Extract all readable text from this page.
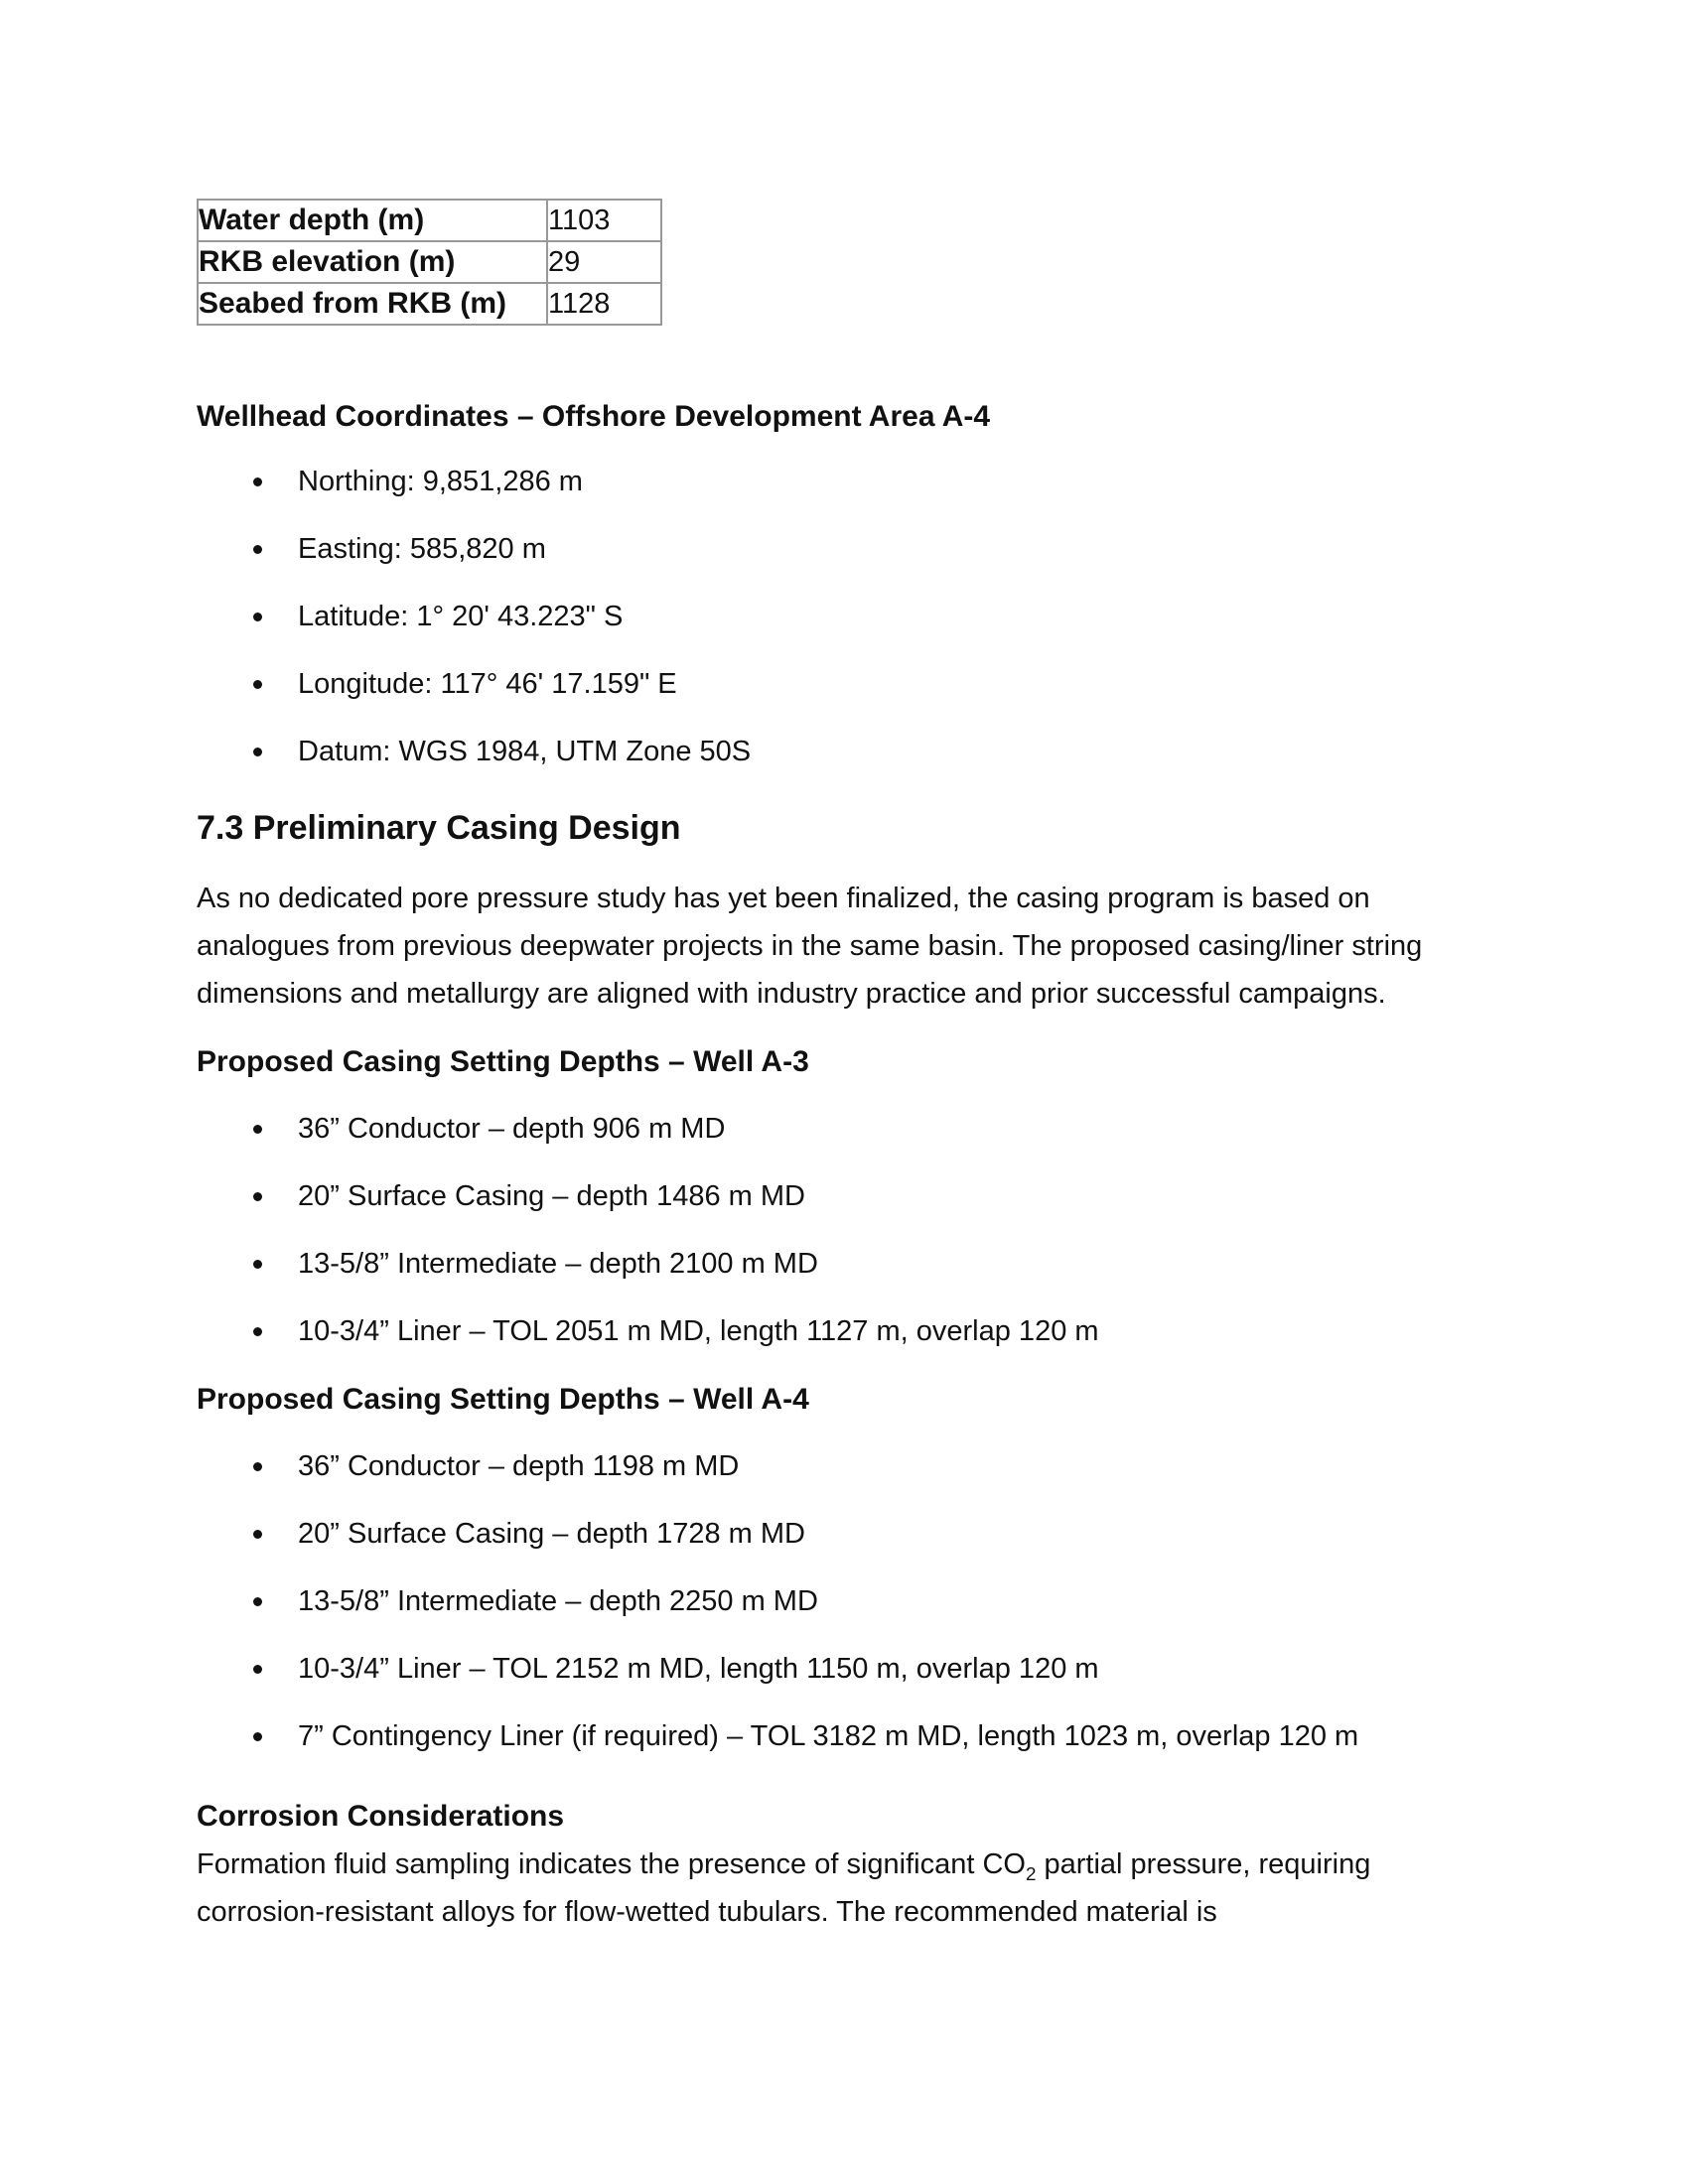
Water depth (m)	1103
RKB elevation (m)	29
Seabed from RKB (m)	1128
Wellhead Coordinates – Offshore Development Area A-4
Northing: 9,851,286 m
Easting: 585,820 m
Latitude: 1° 20' 43.223" S
Longitude: 117° 46' 17.159" E
Datum: WGS 1984, UTM Zone 50S
7.3 Preliminary Casing Design

As no dedicated pore pressure study has yet been finalized, the casing program is based on analogues from previous deepwater projects in the same basin. The proposed casing/liner string dimensions and metallurgy are aligned with industry practice and prior successful campaigns.

Proposed Casing Setting Depths – Well A-3
36” Conductor – depth 906 m MD
20” Surface Casing – depth 1486 m MD
13-5/8” Intermediate – depth 2100 m MD
10-3/4” Liner – TOL 2051 m MD, length 1127 m, overlap 120 m
Proposed Casing Setting Depths – Well A-4
36” Conductor – depth 1198 m MD
20” Surface Casing – depth 1728 m MD
13-5/8” Intermediate – depth 2250 m MD
10-3/4” Liner – TOL 2152 m MD, length 1150 m, overlap 120 m
7” Contingency Liner (if required) – TOL 3182 m MD, length 1023 m, overlap 120 m
Corrosion Considerations

Formation fluid sampling indicates the presence of significant $CO_2$ partial pressure, requiring corrosion-resistant alloys for flow-wetted tubulars. The recommended material is
